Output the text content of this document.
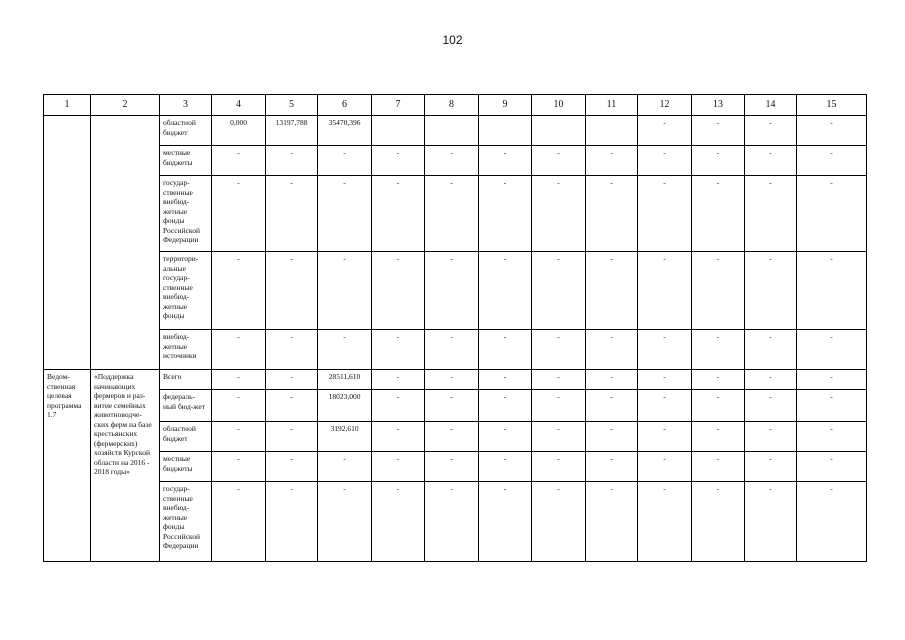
102
1	2	3	4	5	6	7	8	9	10	11	12	13	14	15	
		областной бюджет	0,000	13197,788	35470,396						-	-	-	-	
		местные бюджеты	-	-	-	-	-	-	-	-	-	-	-	-	
		государ-ственные внебюд-жетные фонды Российской Федерации	-	-	-	-	-	-	-	-	-	-	-	-	
		территори-альные государ-ственные внебюд-жетные фонды	-	-	-	-	-	-	-	-	-	-	-	-	
		внебюд-жетные источники	-	-	-	-	-	-	-	-	-	-	-	-	
Ведом-ственная целевая программа 1.7	«Поддержка начинающих фермеров и раз-витие семейных животноводче-ских ферм на базе крестьянских (фермерских) хозяйств Курской области на 2016 - 2018 годы»	Всего	-	-	28511,610	-	-	-	-	-	-	-	-	-	
		федераль-ный бюд-жет	-	-	18023,000	-	-	-	-	-	-	-	-	-	
		областной бюджет	-	-	3192,610	-	-	-	-	-	-	-	-	-	
		местные бюджеты	-	-	-	-	-	-	-	-	-	-	-	-	
		государ-ственные внебюд-жетные фонды Российской Федерации	-	-	-	-	-	-	-	-	-	-	-	-	
